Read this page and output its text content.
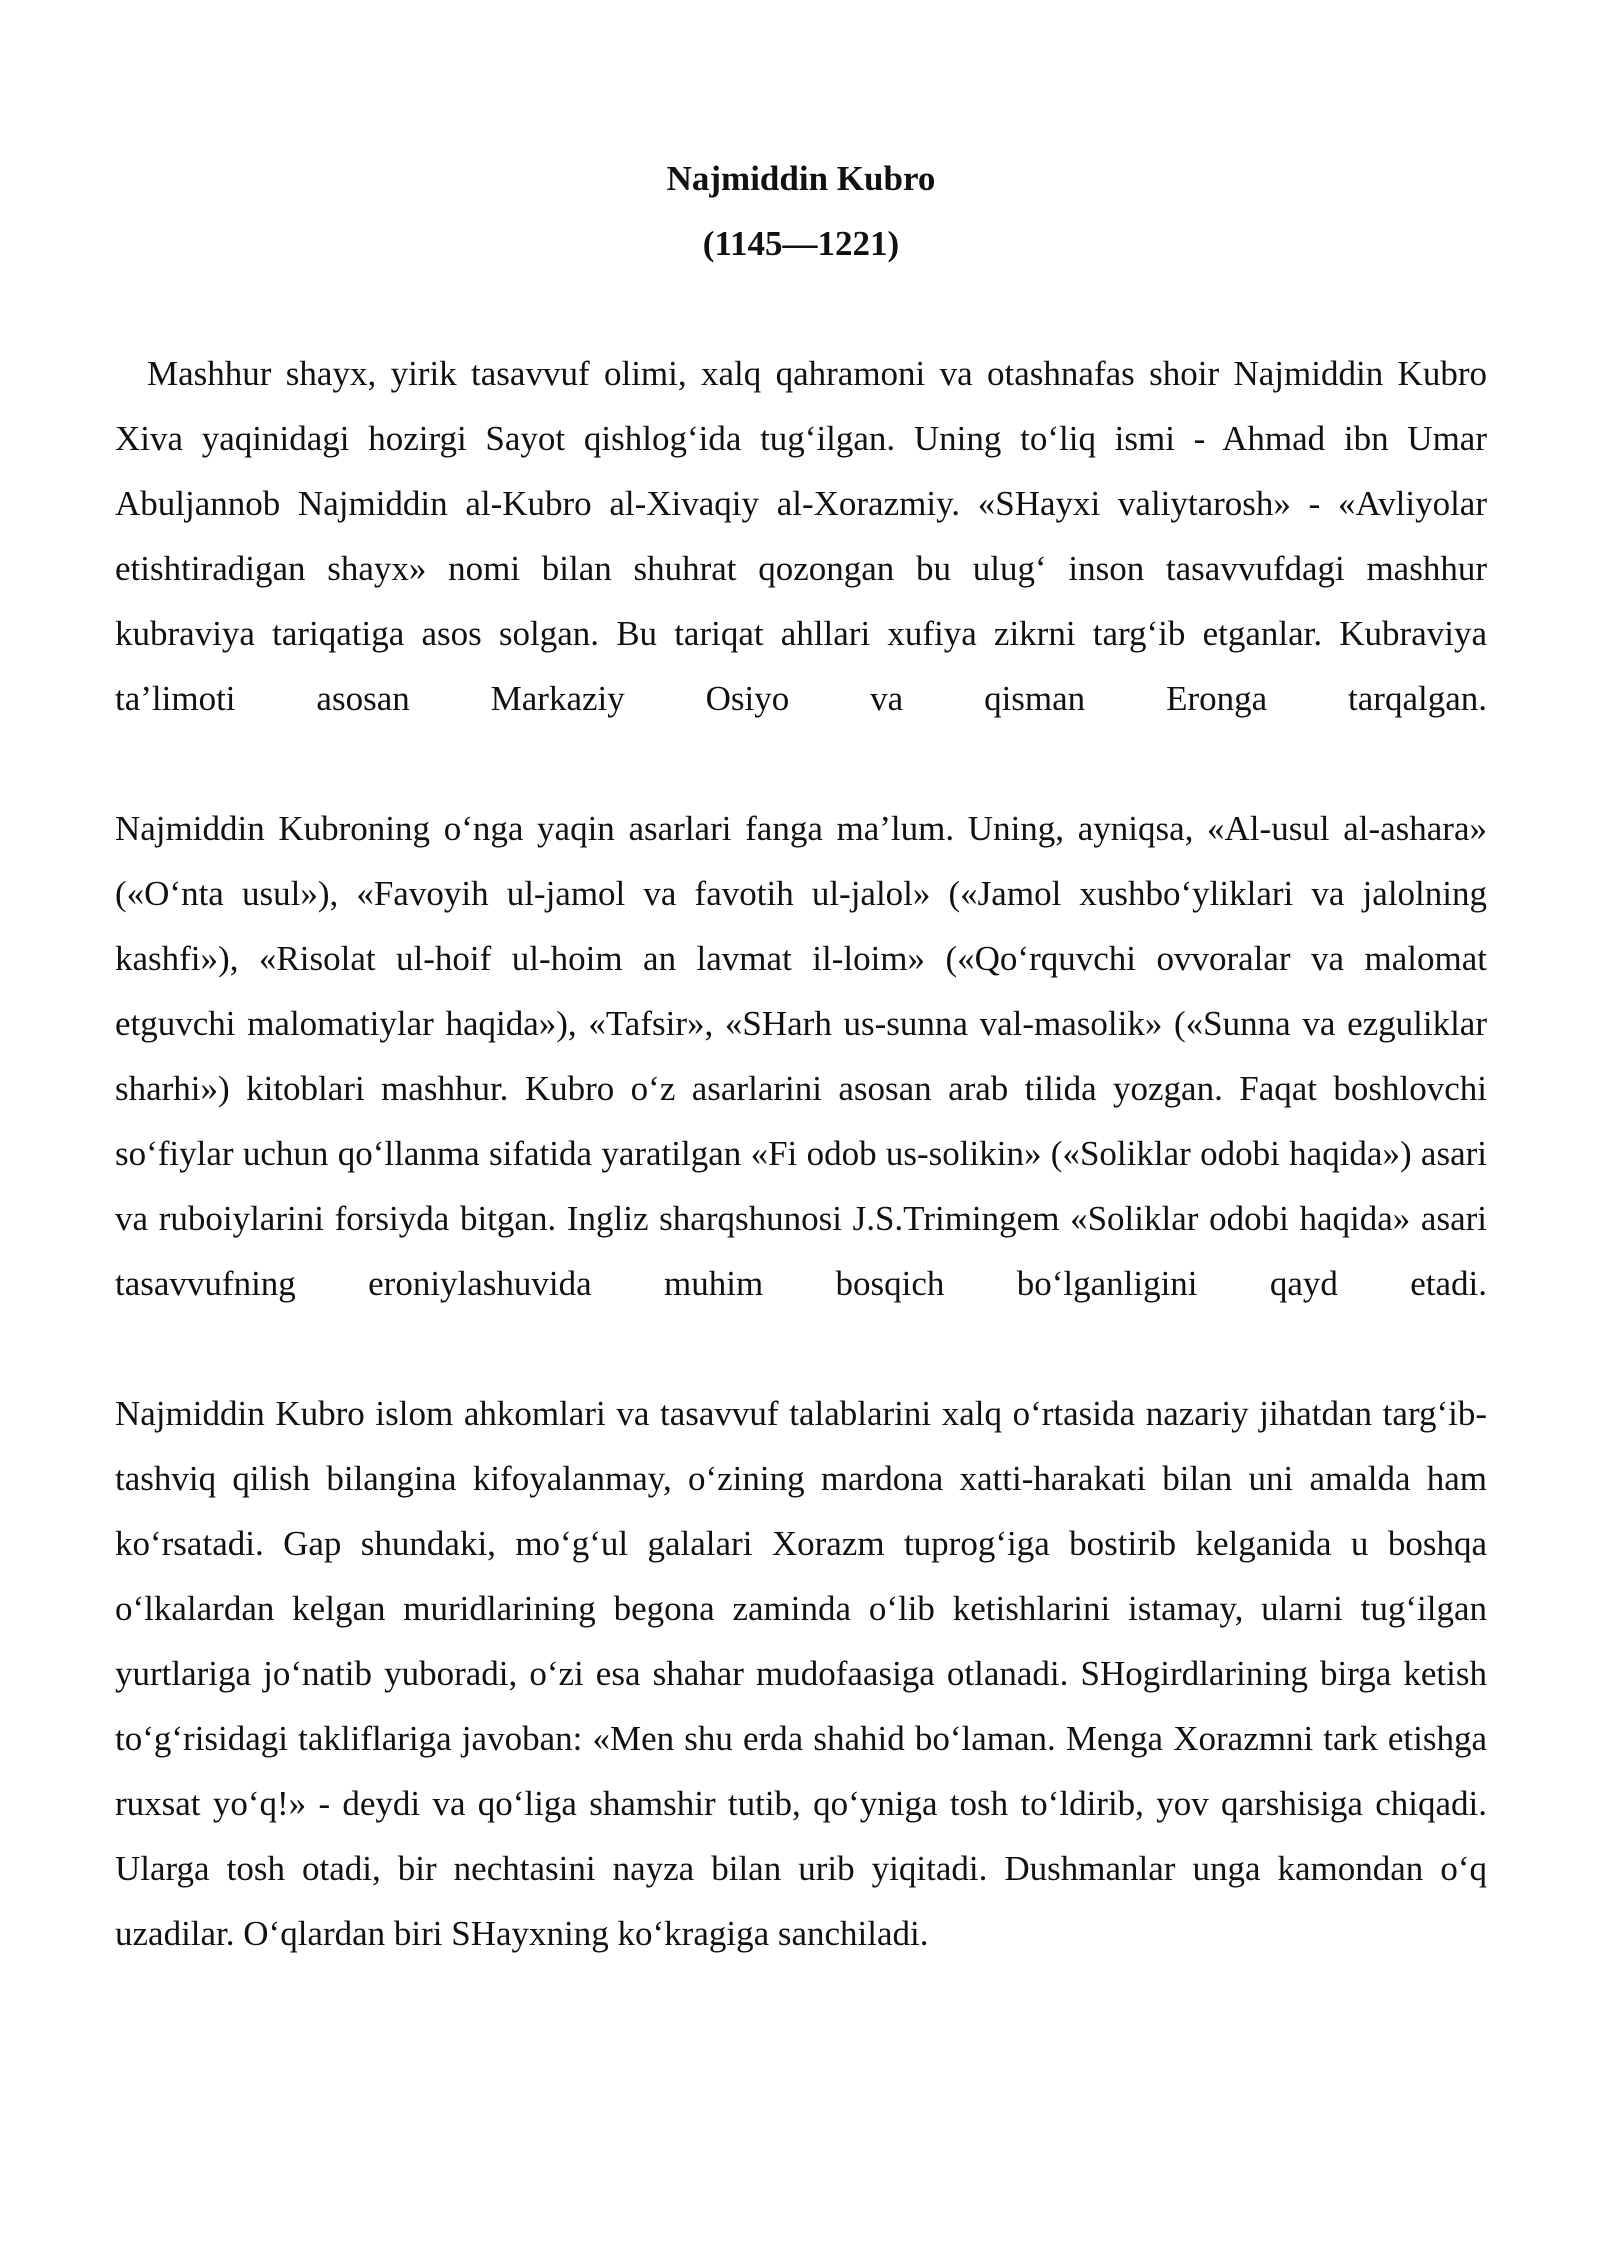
Najmiddin Kubro

(1145—1221)

Mashhur shayx, yirik tasavvuf olimi, xalq qahramoni va otashnafas shoir Najmiddin Kubro Xiva yaqinidagi hozirgi Sayot qishlog‘ida tug‘ilgan. Uning to‘liq ismi - Ahmad ibn Umar Abuljannob Najmiddin al-Kubro al-Xivaqiy al-Xorazmiy. «SHayxi valiytarosh» - «Avliyolar etishtiradigan shayx» nomi bilan shuhrat qozongan bu ulug‘ inson tasavvufdagi mashhur kubraviya tariqatiga asos solgan. Bu tariqat ahllari xufiya zikrni targ‘ib etganlar. Kubraviya ta’limoti asosan Markaziy Osiyo va qisman Eronga tarqalgan.

Najmiddin Kubroning o‘nga yaqin asarlari fanga ma’lum. Uning, ayniqsa, «Al-usul al-ashara» («O‘nta usul»), «Favoyih ul-jamol va favotih ul-jalol» («Jamol xushbo‘yliklari va jalolning kashfi»), «Risolat ul-hoif ul-hoim an lavmat il-loim» («Qo‘rquvchi ovvoralar va malomat etguvchi malomatiylar haqida»), «Tafsir», «SHarh us-sunna val-masolik» («Sunna va ezguliklar sharhi») kitoblari mashhur. Kubro o‘z asarlarini asosan arab tilida yozgan. Faqat boshlovchi so‘fiylar uchun qo‘llanma sifatida yaratilgan «Fi odob us-solikin» («Soliklar odobi haqida») asari va ruboiylarini forsiyda bitgan. Ingliz sharqshunosi J.S.Trimingem «Soliklar odobi haqida» asari tasavvufning eroniylashuvida muhim bosqich bo‘lganligini qayd etadi.

Najmiddin Kubro islom ahkomlari va tasavvuf talablarini xalq o‘rtasida nazariy jihatdan targ‘ib-tashviq qilish bilangina kifoyalanmay, o‘zining mardona xatti-harakati bilan uni amalda ham ko‘rsatadi. Gap shundaki, mo‘g‘ul galalari Xorazm tuprog‘iga bostirib kelganida u boshqa o‘lkalardan kelgan muridlarining begona zaminda o‘lib ketishlarini istamay, ularni tug‘ilgan yurtlariga jo‘natib yuboradi, o‘zi esa shahar mudofaasiga otlanadi. SHogirdlarining birga ketish to‘g‘risidagi takliflariga javoban: «Men shu erda shahid bo‘laman. Menga Xorazmni tark etishga ruxsat yo‘q!» - deydi va qo‘liga shamshir tutib, qo‘yniga tosh to‘ldirib, yov qarshisiga chiqadi. Ularga tosh otadi, bir nechtasini nayza bilan urib yiqitadi. Dushmanlar unga kamondan o‘q uzadilar. O‘qlardan biri SHayxning ko‘kragiga sanchiladi.
